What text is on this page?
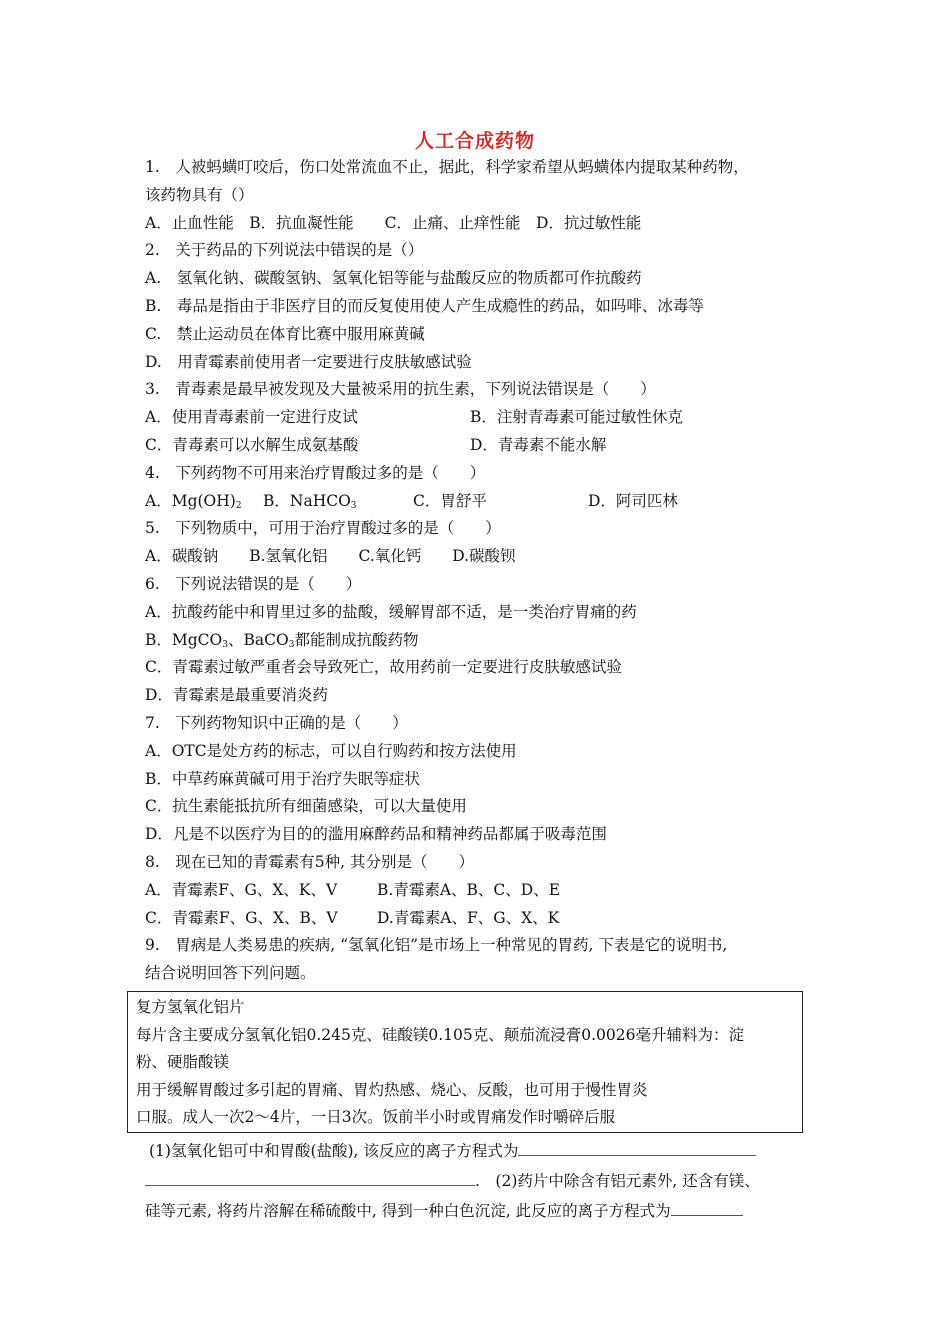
人工合成药物
1.　人被蚂蟥叮咬后，伤口处常流血不止，据此，科学家希望从蚂蟥体内提取某种药物，
该药物具有（）
A．止血性能　B．抗血凝性能　　C．止痛、止痒性能　D．抗过敏性能
2.　关于药品的下列说法中错误的是（）
A.　氢氧化钠、碳酸氢钠、氢氧化铝等能与盐酸反应的物质都可作抗酸药
B.　毒品是指由于非医疗目的而反复使用使人产生成瘾性的药品，如吗啡、冰毒等
C.　禁止运动员在体育比赛中服用麻黄碱
D.　用青霉素前使用者一定要进行皮肤敏感试验
3.　青毒素是最早被发现及大量被采用的抗生素，下列说法错误是（　　）
A．使用青毒素前一定进行皮试	B．注射青毒素可能过敏性休克
C．青毒素可以水解生成氨基酸	D．青毒素不能水解
4.　下列药物不可用来治疗胃酸过多的是（　　）
A．$Mg(OH)_2$ B．NaHCO$_3$	C．胃舒平	D．阿司匹林
5.　下列物质中，可用于治疗胃酸过多的是（　　）
A．碳酸钠　　B.氢氧化铝　　C.氧化钙　　D.碳酸钡
6.　下列说法错误的是（　　）
A．抗酸药能中和胃里过多的盐酸，缓解胃部不适，是一类治疗胃痛的药
B．MgCO$_3$、BaCO$_3$都能制成抗酸药物
C．青霉素过敏严重者会导致死亡，故用药前一定要进行皮肤敏感试验
D．青霉素是最重要消炎药
7.　下列药物知识中正确的是（　　）
A．OTC是处方药的标志，可以自行购药和按方法使用
B．中草药麻黄碱可用于治疗失眠等症状
C．抗生素能抵抗所有细菌感染，可以大量使用
D．凡是不以医疗为目的的滥用麻醉药品和精神药品都属于吸毒范围
8.　现在已知的青霉素有5种, 其分别是（　　）
A．青霉素F、G、X、K、V	B.青霉素A、B、C、D、E
C．青霉素F、G、X、B、V	D.青霉素A、F、G、X、K
9.　胃病是人类易患的疾病, “氢氧化铝”是市场上一种常见的胃药, 下表是它的说明书,
结合说明回答下列问题。
复方氢氧化铝片
每片含主要成分氢氧化铝0.245克、硅酸镁0.105克、颠茄流浸膏0.0026毫升辅料为：淀
粉、硬脂酸镁
用于缓解胃酸过多引起的胃痛、胃灼热感、烧心、反酸，也可用于慢性胃炎
口服。成人一次2～4片，一日3次。饭前半小时或胃痛发作时嚼碎后服
(1)氢氧化铝可中和胃酸(盐酸), 该反应的离子方程式为
.　(2)药片中除含有铝元素外, 还含有镁、
硅等元素, 将药片溶解在稀硫酸中, 得到一种白色沉淀, 此反应的离子方程式为
